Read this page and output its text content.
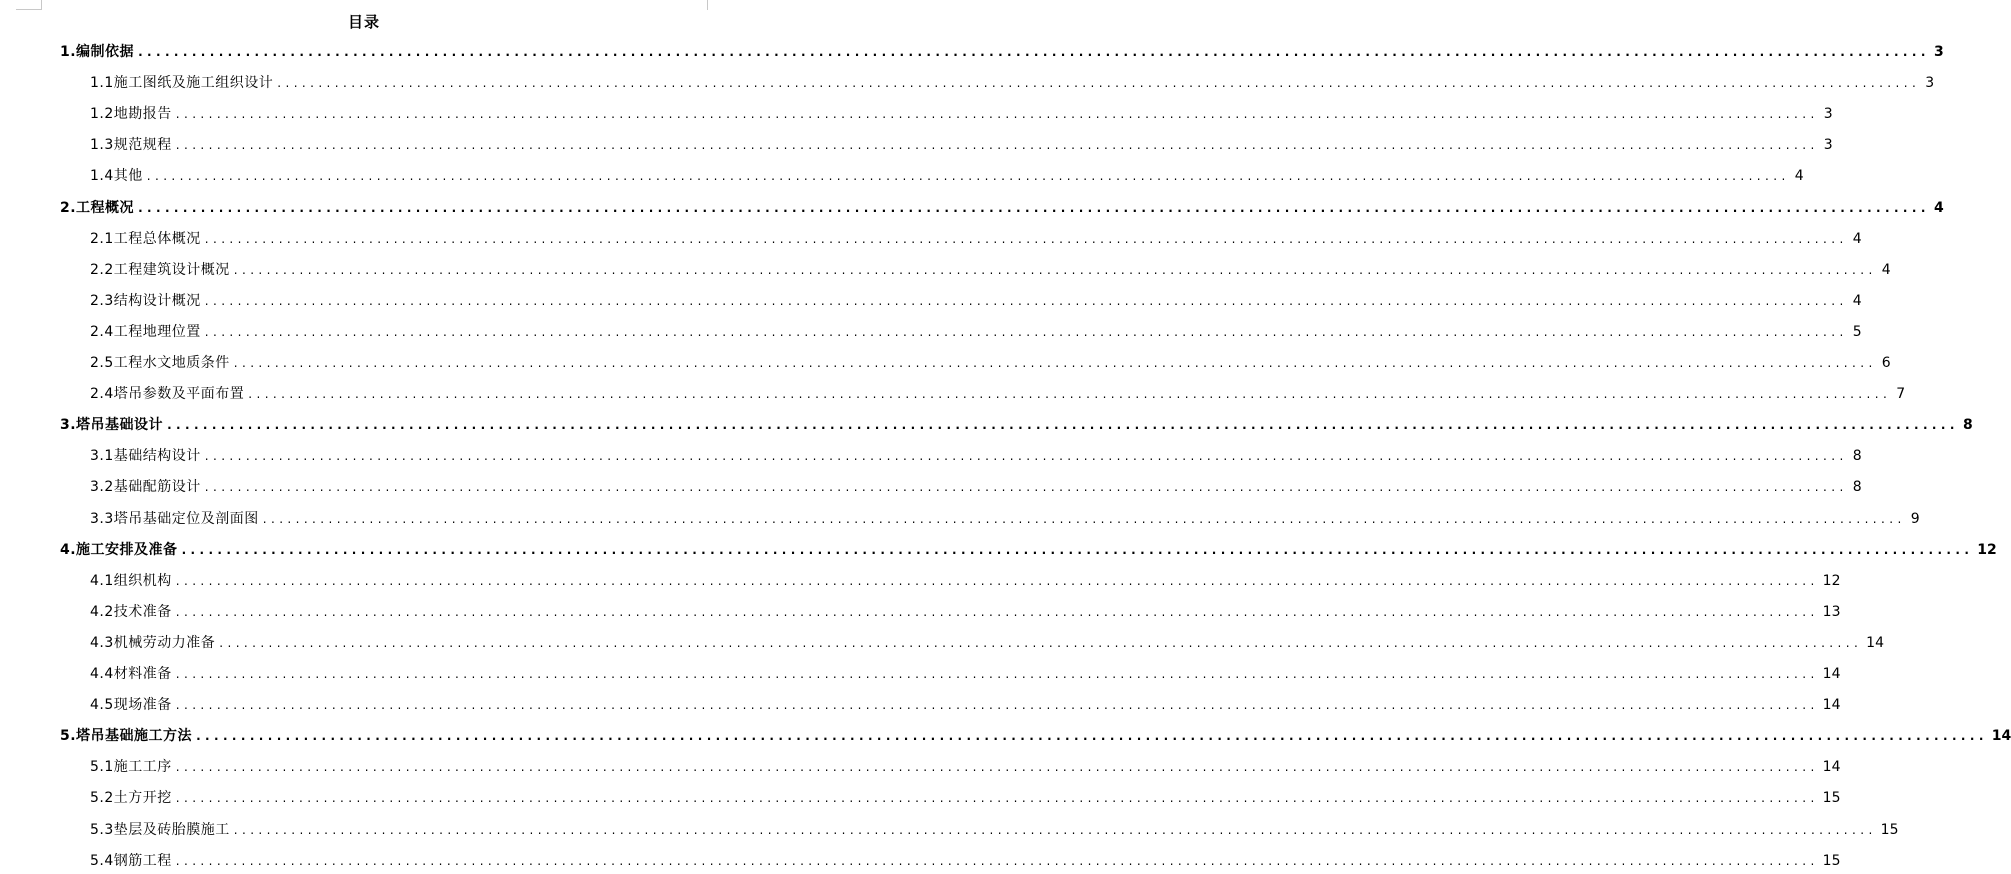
目录
1.编制依据 ........................................................................................................................................................................................................ 3
1.1施工图纸及施工组织设计 ........................................................................................................................................................................................................ 3
1.2地勘报告 ........................................................................................................................................................................................................ 3
1.3规范规程 ........................................................................................................................................................................................................ 3
1.4其他 ........................................................................................................................................................................................................ 4
2.工程概况 ........................................................................................................................................................................................................ 4
2.1工程总体概况 ........................................................................................................................................................................................................ 4
2.2工程建筑设计概况 ........................................................................................................................................................................................................ 4
2.3结构设计概况 ........................................................................................................................................................................................................ 4
2.4工程地理位置 ........................................................................................................................................................................................................ 5
2.5工程水文地质条件 ........................................................................................................................................................................................................ 6
2.4塔吊参数及平面布置 ........................................................................................................................................................................................................ 7
3.塔吊基础设计 ........................................................................................................................................................................................................ 8
3.1基础结构设计 ........................................................................................................................................................................................................ 8
3.2基础配筋设计 ........................................................................................................................................................................................................ 8
3.3塔吊基础定位及剖面图 ........................................................................................................................................................................................................ 9
4.施工安排及准备 ........................................................................................................................................................................................................ 12
4.1组织机构 ........................................................................................................................................................................................................ 12
4.2技术准备 ........................................................................................................................................................................................................ 13
4.3机械劳动力准备 ........................................................................................................................................................................................................ 14
4.4材料准备 ........................................................................................................................................................................................................ 14
4.5现场准备 ........................................................................................................................................................................................................ 14
5.塔吊基础施工方法 ........................................................................................................................................................................................................ 14
5.1施工工序 ........................................................................................................................................................................................................ 14
5.2土方开挖 ........................................................................................................................................................................................................ 15
5.3垫层及砖胎膜施工 ........................................................................................................................................................................................................ 15
5.4钢筋工程 ........................................................................................................................................................................................................ 15
